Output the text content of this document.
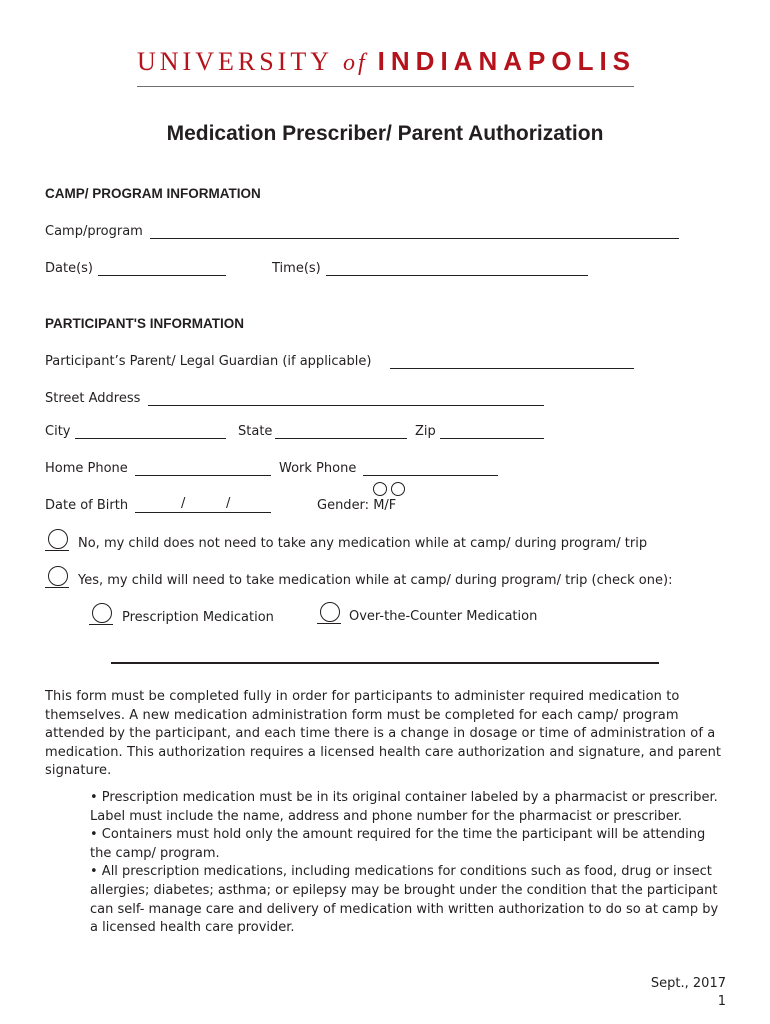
UNIVERSITY of INDIANAPOLIS
Medication Prescriber/ Parent Authorization
CAMP/ PROGRAM INFORMATION
Camp/program
Date(s)	Time(s)
PARTICIPANT'S INFORMATION
Participant’s Parent/ Legal Guardian (if applicable)
Street Address
City	State	Zip
Home Phone	Work Phone
Date of Birth	/	/	Gender: M/F
No, my child does not need to take any medication while at camp/ during program/ trip
Yes, my child will need to take medication while at camp/ during program/ trip (check one):
Prescription Medication	Over-the-Counter Medication
This form must be completed fully in order for participants to administer required medication to themselves. A new medication administration form must be completed for each camp/ program attended by the participant, and each time there is a change in dosage or time of administration of a medication. This authorization requires a licensed health care authorization and signature, and parent signature.

• Prescription medication must be in its original container labeled by a pharmacist or prescriber. Label must include the name, address and phone number for the pharmacist or prescriber.

• Containers must hold only the amount required for the time the participant will be attending the camp/ program.

• All prescription medications, including medications for conditions such as food, drug or insect allergies; diabetes; asthma; or epilepsy may be brought under the condition that the participant can self- manage care and delivery of medication with written authorization to do so at camp by a licensed health care provider.

Sept., 2017
1
